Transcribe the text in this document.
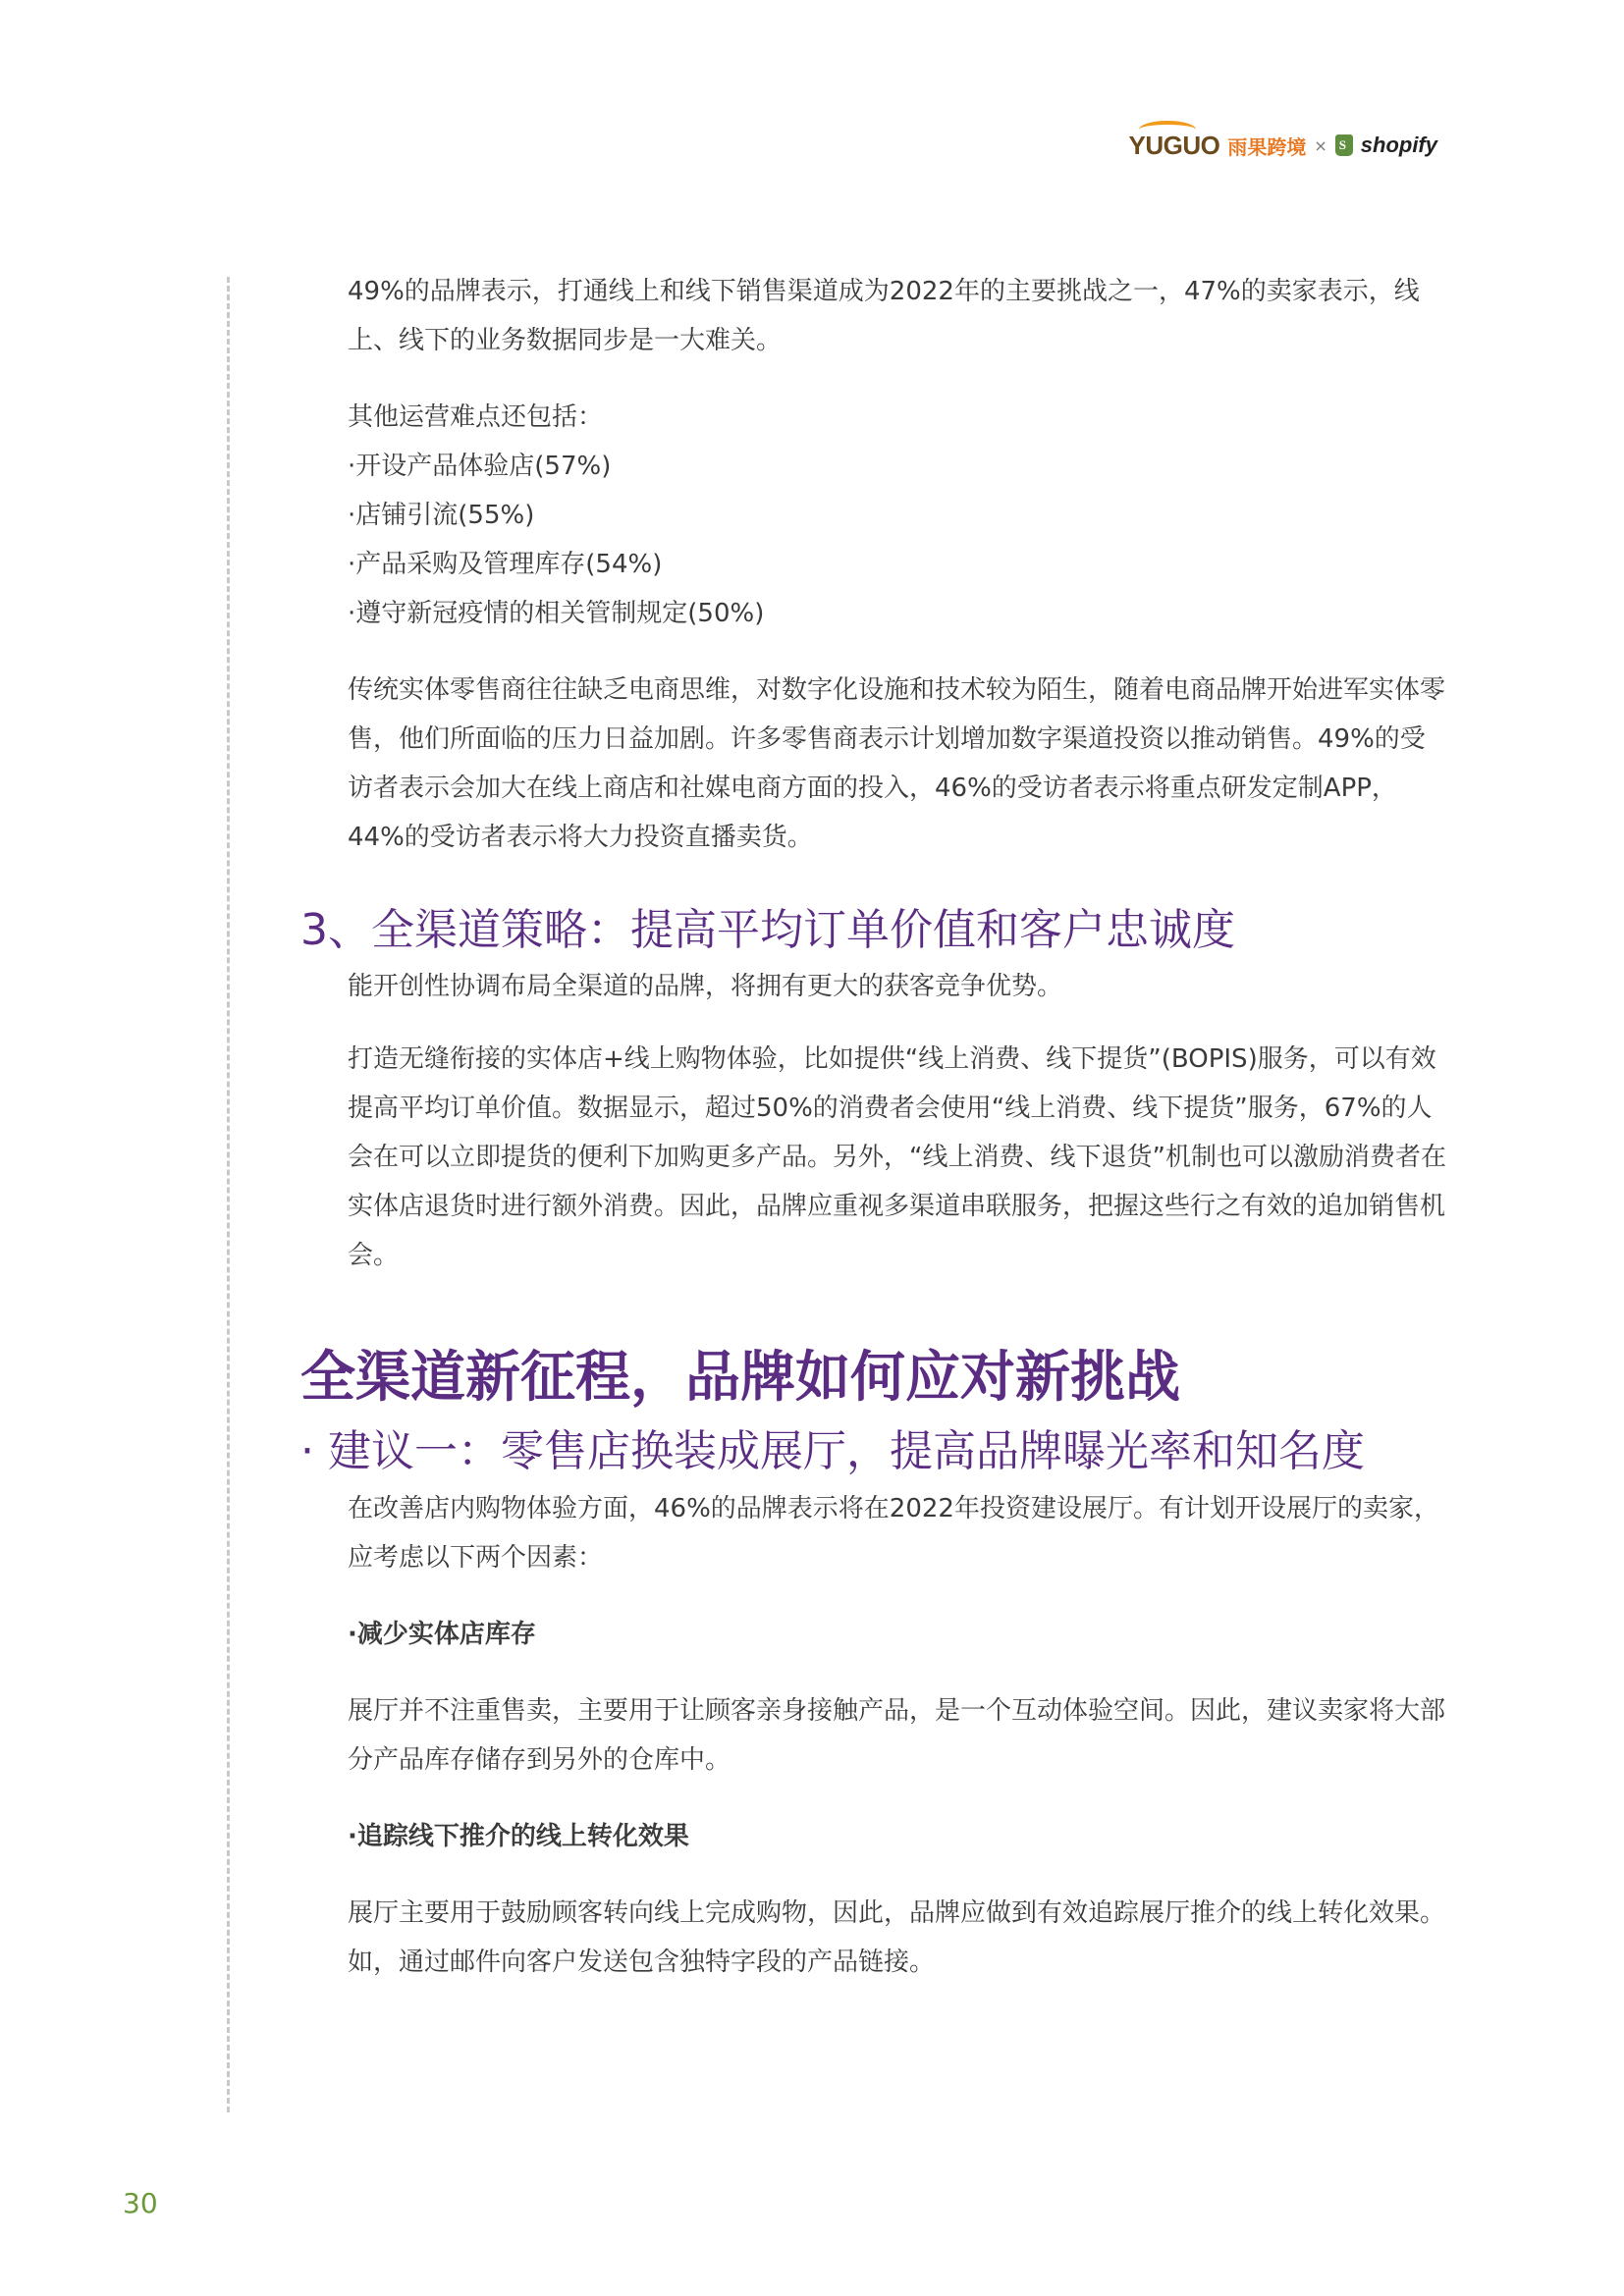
YUGUO 雨果跨境 ×
S shopify

49%的品牌表示，打通线上和线下销售渠道成为2022年的主要挑战之一，47%的卖家表示，线上、线下的业务数据同步是一大难关。

其他运营难点还包括：

·开设产品体验店(57%)
·店铺引流(55%)
·产品采购及管理库存(54%)
·遵守新冠疫情的相关管制规定(50%)

传统实体零售商往往缺乏电商思维，对数字化设施和技术较为陌生，随着电商品牌开始进军实体零售，他们所面临的压力日益加剧。许多零售商表示计划增加数字渠道投资以推动销售。49%的受访者表示会加大在线上商店和社媒电商方面的投入，46%的受访者表示将重点研发定制APP，44%的受访者表示将大力投资直播卖货。

3、全渠道策略：提高平均订单价值和客户忠诚度

能开创性协调布局全渠道的品牌，将拥有更大的获客竞争优势。

打造无缝衔接的实体店+线上购物体验，比如提供“线上消费、线下提货”(BOPIS)服务，可以有效提高平均订单价值。数据显示，超过50%的消费者会使用“线上消费、线下提货”服务，67%的人会在可以立即提货的便利下加购更多产品。另外，“线上消费、线下退货”机制也可以激励消费者在实体店退货时进行额外消费。因此，品牌应重视多渠道串联服务，把握这些行之有效的追加销售机会。

全渠道新征程，品牌如何应对新挑战
· 建议一：零售店换装成展厅，提高品牌曝光率和知名度

在改善店内购物体验方面，46%的品牌表示将在2022年投资建设展厅。有计划开设展厅的卖家，应考虑以下两个因素：

·减少实体店库存

展厅并不注重售卖，主要用于让顾客亲身接触产品，是一个互动体验空间。因此，建议卖家将大部分产品库存储存到另外的仓库中。

·追踪线下推介的线上转化效果

展厅主要用于鼓励顾客转向线上完成购物，因此，品牌应做到有效追踪展厅推介的线上转化效果。如，通过邮件向客户发送包含独特字段的产品链接。

30
